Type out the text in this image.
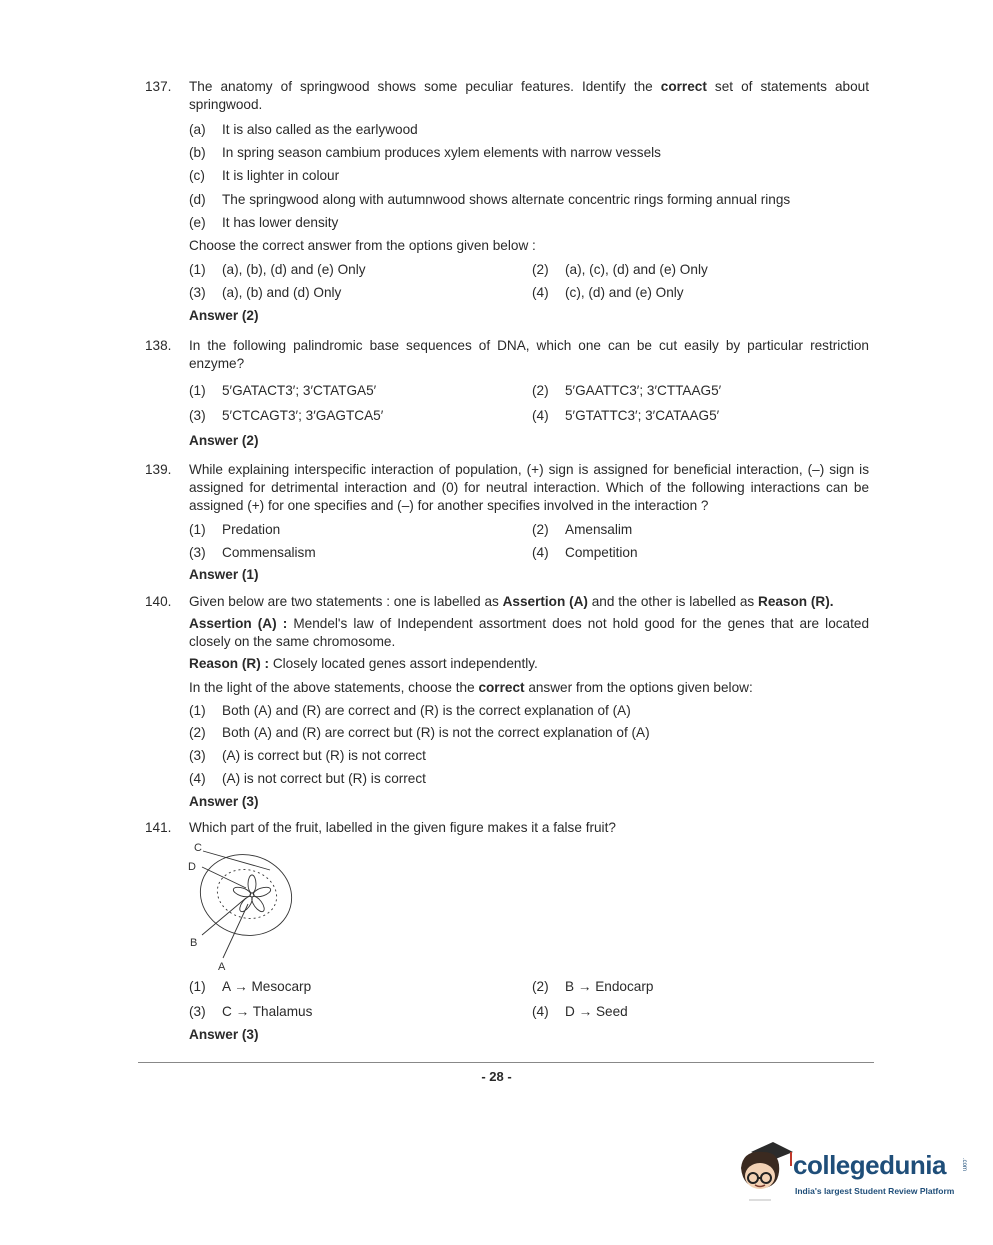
137.	The anatomy of springwood shows some peculiar features. Identify the correct set of statements about springwood.
(a) It is also called as the earlywood
(b) In spring season cambium produces xylem elements with narrow vessels
(c) It is lighter in colour
(d) The springwood along with autumnwood shows alternate concentric rings forming annual rings
(e) It has lower density
Choose the correct answer from the options given below :
(1) (a), (b), (d) and (e) Only	(2) (a), (c), (d) and (e) Only
(3) (a), (b) and (d) Only	(4) (c), (d) and (e) Only
Answer (2)
138.	In the following palindromic base sequences of DNA, which one can be cut easily by particular restriction enzyme?
(1) 5′GATACT3′; 3′CTATGA5′	(2) 5′GAATTC3′; 3′CTTAAG5′
(3) 5′CTCAGT3′; 3′GAGTCA5′	(4) 5′GTATTC3′; 3′CATAAG5′
Answer (2)
139.	While explaining interspecific interaction of population, (+) sign is assigned for beneficial interaction, (–) sign is assigned for detrimental interaction and (0) for neutral interaction. Which of the following interactions can be assigned (+) for one specifies and (–) for another specifies involved in the interaction ?
(1) Predation	(2) Amensalim
(3) Commensalism	(4) Competition
Answer (1)
140.	Given below are two statements : one is labelled as Assertion (A) and the other is labelled as Reason (R).
Assertion (A) : Mendel's law of Independent assortment does not hold good for the genes that are located closely on the same chromosome.
Reason (R) : Closely located genes assort independently.
In the light of the above statements, choose the correct answer from the options given below:
(1) Both (A) and (R) are correct and (R) is the correct explanation of (A)
(2) Both (A) and (R) are correct but (R) is not the correct explanation of (A)
(3) (A) is correct but (R) is not correct
(4) (A) is not correct but (R) is correct
Answer (3)
141.	Which part of the fruit, labelled in the given figure makes it a false fruit?
(1) A → Mesocarp	(2) B → Endocarp
(3) C → Thalamus	(4) D → Seed
Answer (3)
C
D
B
A
- 28 -
collegedunia	.com
India's largest Student Review Platform
